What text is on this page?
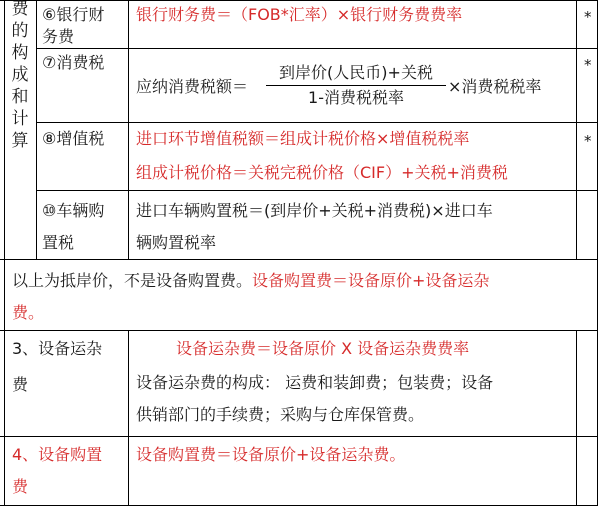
费
的
构
成
和
计
算
⑥银行财
务费
银行财务费＝（FOB*汇率）×银行财务费费率	*
⑦消费税
应纳消费税额＝
到岸价(人民币)+关税
1-消费税税率
×消费税税率
*
⑧增值税 进口环节增值税额＝组成计税价格×增值税税率
组成计税价格＝关税完税价格（CIF）+关税+消费税
*
⑩车辆购
置税
进口车辆购置税＝(到岸价+关税+消费税)×进口车
辆购置税率
以上为抵岸价，不是设备购置费。设备购置费＝设备原价+设备运杂
费。
3、设备运杂
费
设备运杂费＝设备原价 X 设备运杂费费率
设备运杂费的构成： 运费和装卸费；包装费；设备
供销部门的手续费；采购与仓库保管费。
4、设备购置
费
设备购置费＝设备原价+设备运杂费。
